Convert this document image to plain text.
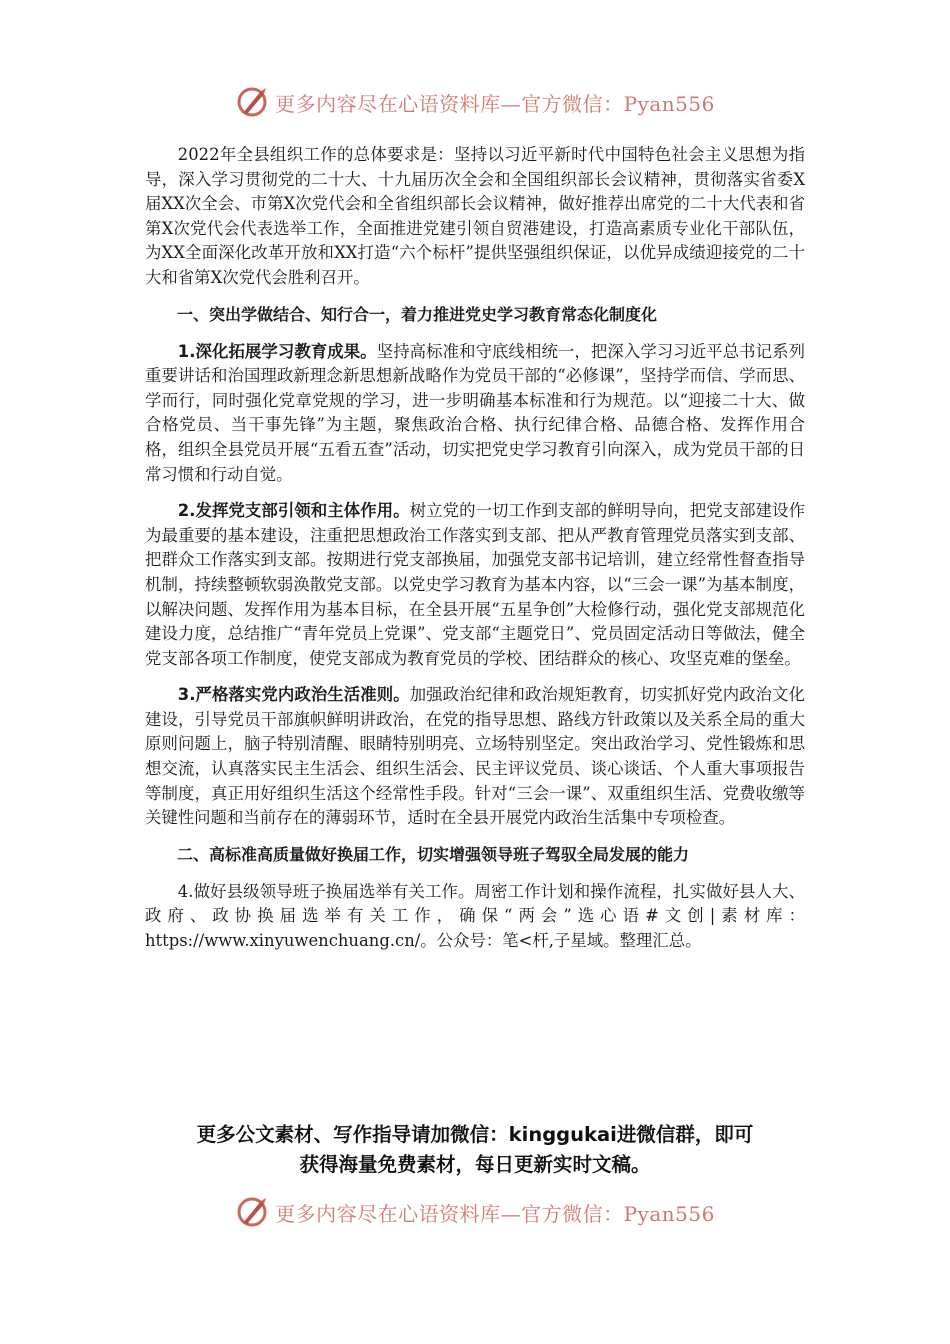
更多内容尽在心语资料库—官方微信：Pyan556

2022年全县组织工作的总体要求是：坚持以习近平新时代中国特色社会主义思想为指导，深入学习贯彻党的二十大、十九届历次全会和全国组织部长会议精神，贯彻落实省委X届XX次全会、市第X次党代会和全省组织部长会议精神，做好推荐出席党的二十大代表和省第X次党代会代表选举工作，全面推进党建引领自贸港建设，打造高素质专业化干部队伍，为XX全面深化改革开放和XX打造“六个标杆”提供坚强组织保证，以优异成绩迎接党的二十大和省第X次党代会胜利召开。

一、突出学做结合、知行合一，着力推进党史学习教育常态化制度化

1.深化拓展学习教育成果。坚持高标准和守底线相统一，把深入学习习近平总书记系列重要讲话和治国理政新理念新思想新战略作为党员干部的“必修课”，坚持学而信、学而思、学而行，同时强化党章党规的学习，进一步明确基本标准和行为规范。以“迎接二十大、做合格党员、当干事先锋”为主题，聚焦政治合格、执行纪律合格、品德合格、发挥作用合格，组织全县党员开展“五看五查”活动，切实把党史学习教育引向深入，成为党员干部的日常习惯和行动自觉。

2.发挥党支部引领和主体作用。树立党的一切工作到支部的鲜明导向，把党支部建设作为最重要的基本建设，注重把思想政治工作落实到支部、把从严教育管理党员落实到支部、把群众工作落实到支部。按期进行党支部换届，加强党支部书记培训，建立经常性督查指导机制，持续整顿软弱涣散党支部。以党史学习教育为基本内容，以“三会一课”为基本制度，以解决问题、发挥作用为基本目标，在全县开展“五星争创”大检修行动，强化党支部规范化建设力度，总结推广“青年党员上党课”、党支部“主题党日”、党员固定活动日等做法，健全党支部各项工作制度，使党支部成为教育党员的学校、团结群众的核心、攻坚克难的堡垒。

3.严格落实党内政治生活准则。加强政治纪律和政治规矩教育，切实抓好党内政治文化建设，引导党员干部旗帜鲜明讲政治，在党的指导思想、路线方针政策以及关系全局的重大原则问题上，脑子特别清醒、眼睛特别明亮、立场特别坚定。突出政治学习、党性锻炼和思想交流，认真落实民主生活会、组织生活会、民主评议党员、谈心谈话、个人重大事项报告等制度，真正用好组织生活这个经常性手段。针对“三会一课”、双重组织生活、党费收缴等关键性问题和当前存在的薄弱环节，适时在全县开展党内政治生活集中专项检查。

二、高标准高质量做好换届工作，切实增强领导班子驾驭全局发展的能力

4.做好县级领导班子换届选举有关工作。周密工作计划和操作流程，扎实做好县人大、政府、政协换届选举有关工作，确保“两会”选心语#文创|素材库：https://www.xinyuwenchuang.cn/。公众号：笔<杆,子星域。整理汇总。

更多公文素材、写作指导请加微信：kinggukai进微信群，即可
获得海量免费素材，每日更新实时文稿。
更多内容尽在心语资料库—官方微信：Pyan556
